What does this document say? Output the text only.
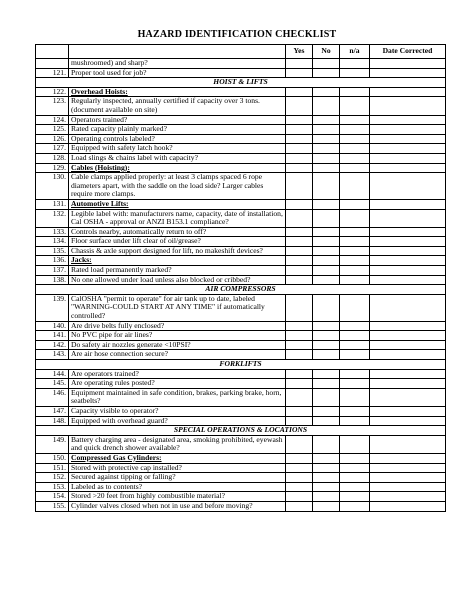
HAZARD IDENTIFICATION CHECKLIST
		Yes	No	n/a	Date Corrected
	mushroomed) and sharp?				
121.	Proper tool used for job?				
HOIST & LIFTS					
122.	Overhead Hoists:				
123.	Regularly inspected, annually certified if capacity over 3 tons. (document available on site)				
124.	Operators trained?				
125.	Rated capacity plainly marked?				
126.	Operating controls labeled?				
127.	Equipped with safety latch hook?				
128.	Load slings & chains label with capacity?				
129.	Cables (Hoisting):				
130.	Cable clamps applied properly: at least 3 clamps spaced 6 rope diameters apart, with the saddle on the load side? Larger cables require more clamps.				
131.	Automotive Lifts:				
132.	Legible label with: manufacturers name, capacity, date of installation, Cal OSHA - approval or ANZI B153.1 compliance?				
133.	Controls nearby, automatically return to off?				
134.	Floor surface under lift clear of oil/grease?				
135.	Chassis & axle support designed for lift, no makeshift devices?				
136.	Jacks:				
137.	Rated load permanently marked?				
138.	No one allowed under load unless also blocked or cribbed?				
AIR COMPRESSORS					
139.	CalOSHA "permit to operate" for air tank up to date, labeled "WARNING-COULD START AT ANY TIME" if automatically controlled?				
140.	Are drive belts fully enclosed?				
141.	No PVC pipe for air lines?				
142.	Do safety air nozzles generate <10PSI?				
143.	Are air hose connection secure?				
FORKLIFTS					
144.	Are operators trained?				
145.	Are operating rules posted?				
146.	Equipment maintained in safe condition, brakes, parking brake, horn, seatbelts?				
147.	Capacity visible to operator?				
148.	Equipped with overhead guard?				
SPECIAL OPERATIONS & LOCATIONS					
149.	Battery charging area - designated area, smoking prohibited, eyewash and quick drench shower available?				
150.	Compressed Gas Cylinders:				
151.	Stored with protective cap installed?				
152.	Secured against tipping or falling?				
153.	Labeled as to contents?				
154.	Stored >20 feet from highly combustible material?				
155.	Cylinder valves closed when not in use and before moving?				
